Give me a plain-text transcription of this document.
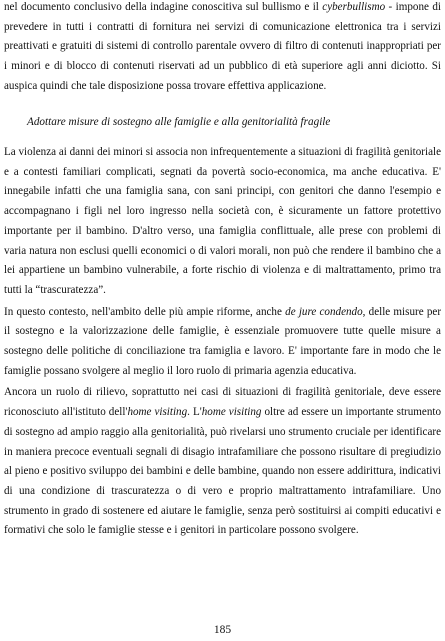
nel documento conclusivo della indagine conoscitiva sul bullismo e il cyberbullismo - impone di prevedere in tutti i contratti di fornitura nei servizi di comunicazione elettronica tra i servizi preattivati e gratuiti di sistemi di controllo parentale ovvero di filtro di contenuti inappropriati per i minori e di blocco di contenuti riservati ad un pubblico di età superiore agli anni diciotto. Si auspica quindi che tale disposizione possa trovare effettiva applicazione.

Adottare misure di sostegno alle famiglie e alla genitorialità fragile

La violenza ai danni dei minori si associa non infrequentemente a situazioni di fragilità genitoriale e a contesti familiari complicati, segnati da povertà socio-economica, ma anche educativa. E' innegabile infatti che una famiglia sana, con sani principi, con genitori che danno l'esempio e accompagnano i figli nel loro ingresso nella società con, è sicuramente un fattore protettivo importante per il bambino. D'altro verso, una famiglia conflittuale, alle prese con problemi di varia natura non esclusi quelli economici o di valori morali, non può che rendere il bambino che a lei appartiene un bambino vulnerabile, a forte rischio di violenza e di maltrattamento, primo tra tutti la “trascuratezza”.

In questo contesto, nell'ambito delle più ampie riforme, anche de jure condendo, delle misure per il sostegno e la valorizzazione delle famiglie, è essenziale promuovere tutte quelle misure a sostegno delle politiche di conciliazione tra famiglia e lavoro. E' importante fare in modo che le famiglie possano svolgere al meglio il loro ruolo di primaria agenzia educativa.

Ancora un ruolo di rilievo, soprattutto nei casi di situazioni di fragilità genitoriale, deve essere riconosciuto all'istituto dell'home visiting. L'home visiting oltre ad essere un importante strumento di sostegno ad ampio raggio alla genitorialità, può rivelarsi uno strumento cruciale per identificare in maniera precoce eventuali segnali di disagio intrafamiliare che possono risultare di pregiudizio al pieno e positivo sviluppo dei bambini e delle bambine, quando non essere addirittura, indicativi di una condizione di trascuratezza o di vero e proprio maltrattamento intrafamiliare. Uno strumento in grado di sostenere ed aiutare le famiglie, senza però sostituirsi ai compiti educativi e formativi che solo le famiglie stesse e i genitori in particolare possono svolgere.

185
